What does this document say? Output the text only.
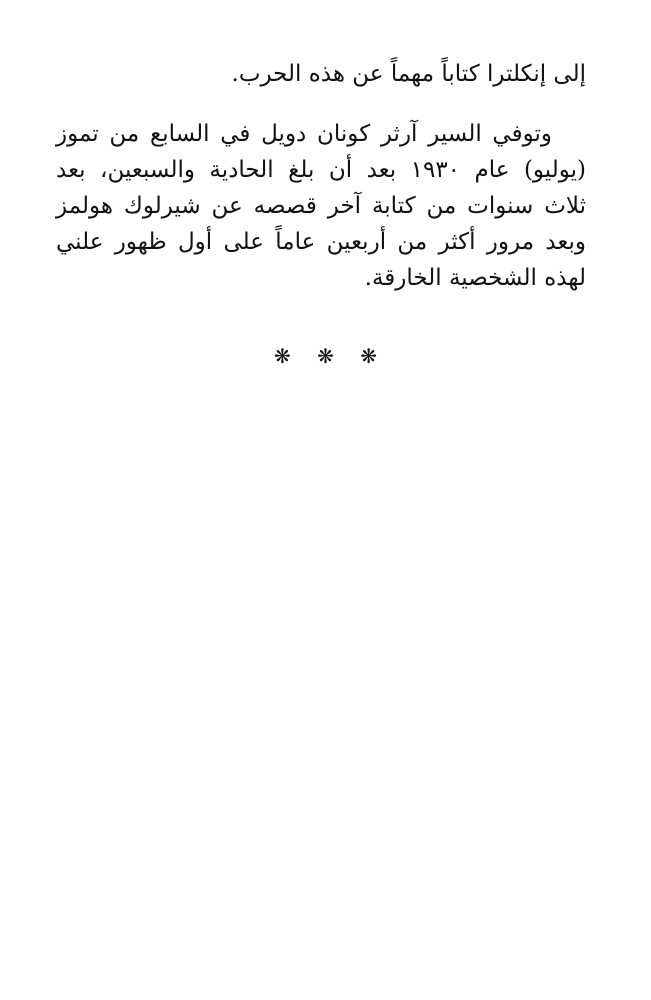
إلى إنكلترا كتاباً مهماً عن هذه الحرب.

وتوفي السير آرثر كونان دويل في السابع من تموز
(يوليو) عام ١٩٣٠ بعد أن بلغ الحادية والسبعين، بعد
ثلاث سنوات من كتابة آخر قصصه عن شيرلوك هولمز
وبعد مرور أكثر من أربعين عاماً على أول ظهور علني
لهذه الشخصية الخارقة.

❋ ❋ ❋
